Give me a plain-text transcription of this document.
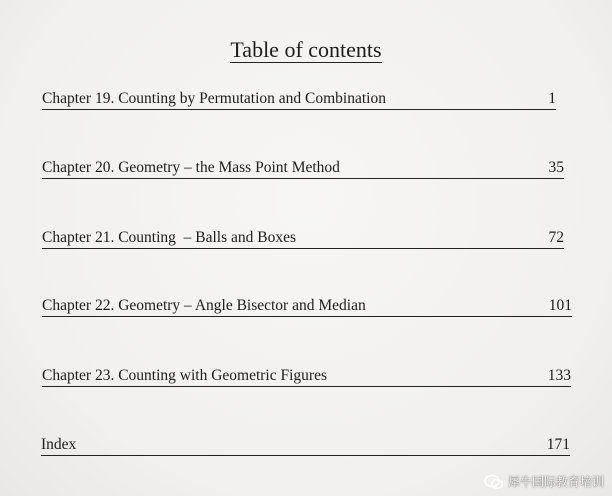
Table of contents
Chapter 19. Counting by Permutation and Combination	1
Chapter 20. Geometry – the Mass Point Method	35
Chapter 21. Counting  – Balls and Boxes	72
Chapter 22. Geometry – Angle Bisector and Median	101
Chapter 23. Counting with Geometric Figures	133
Index	171
犀牛国际教育培训
